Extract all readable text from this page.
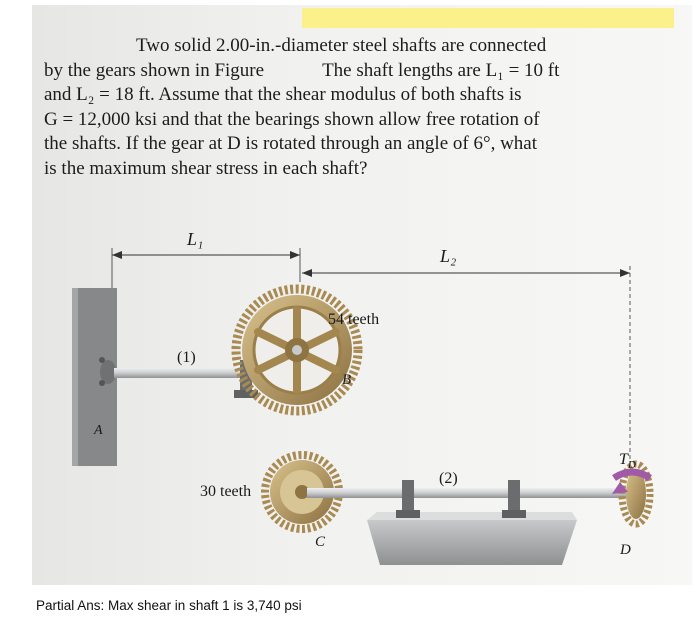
Two solid 2.00-in.-diameter steel shafts are connected
by the gears shown in Figure	The shaft lengths are L₁ = 10 ft
and L₂ = 18 ft. Assume that the shear modulus of both shafts is
G = 12,000 ksi and that the bearings shown allow free rotation of
the shafts. If the gear at D is rotated through an angle of 6°, what
is the maximum shear stress in each shaft?
L₁
L₂
A
(1)
54 teeth
B
30 teeth
C
(2)
$T_D$
D
Partial Ans: Max shear in shaft 1 is 3,740 psi
